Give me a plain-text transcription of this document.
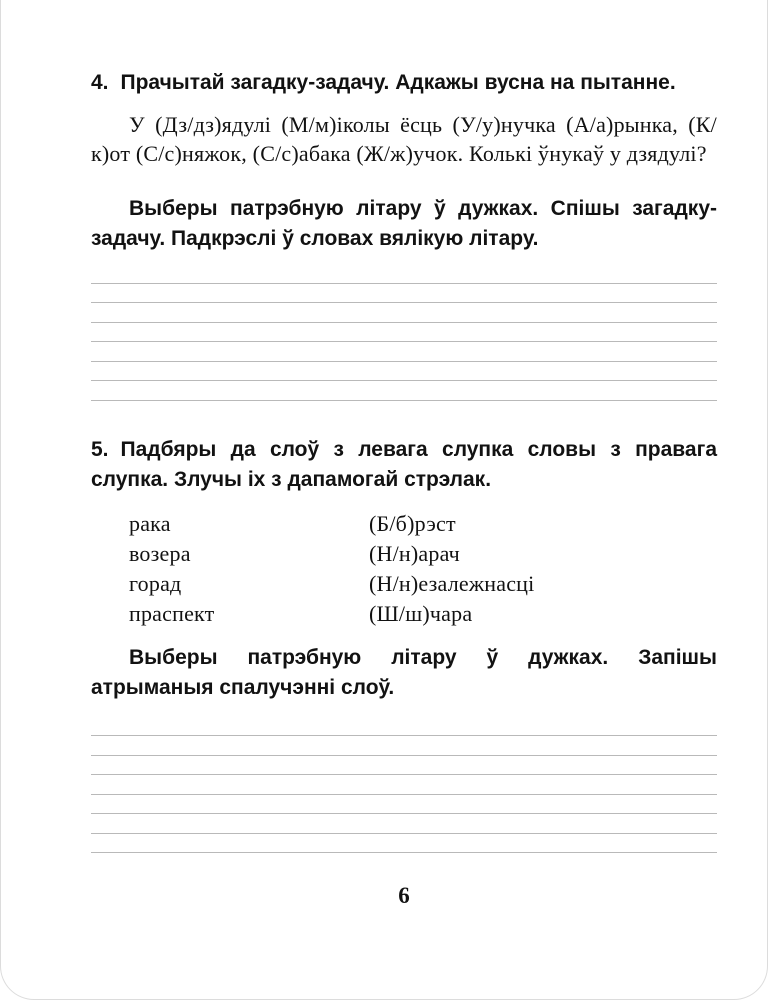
4. Прачытай загадку-задачу. Адкажы вусна на пытанне.

У (Дз/дз)ядулі (М/м)іколы ёсць (У/у)нучка (А/а)рынка, (К/к)от (С/с)няжок, (С/с)абака (Ж/ж)учок. Колькі ўнукаў у дзядулі?

Выберы патрэбную літару ў дужках. Спішы загадку-задачу. Падкрэслі ў словах вялікую літару.

5. Падбяры да слоў з левага слупка словы з правага слупка. Злучы іх з дапамогай стрэлак.

рака	(Б/б)рэст
возера	(Н/н)арач
горад	(Н/н)езалежнасці
праспект	(Ш/ш)чара

Выберы патрэбную літару ў дужках. Запішы атрыманыя спалучэнні слоў.

6
